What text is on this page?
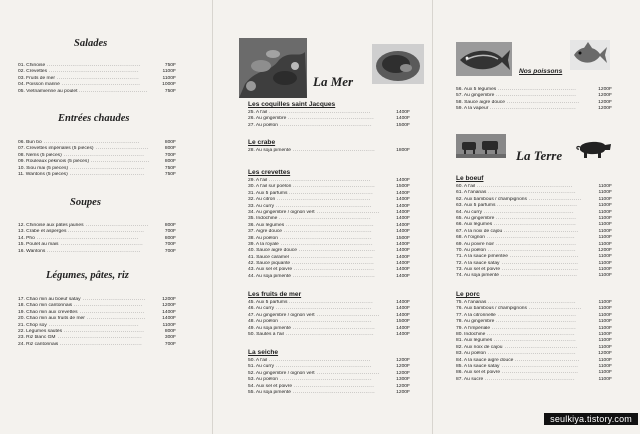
Salades
01. Chinoise ................................................	750F
02. Crevettes ..............................................	1100F
03. Fruits de mer ..........................................	1100F
04. Poisson mariné ........................................	1000F
05. Vietnamienne au poulet ...................................	750F
Entrées chaudes
06. Bun bo .................................................	800F
07. Crevettes impériales (5 pièces) ...........................	800F
08. Nems (5 pièces) .........................................	700F
09. Rouleaux pékinois (5 pièces) ..............................	800F
10. Siou mai (5 pièces) ......................................	750F
11. Wantons (5 pièces) ......................................	750F
Soupes
12. Chinoise aux pâtes jaunes ................................	800F
13. Crabe et asperges .......................................	700F
14. Pho ....................................................	800F
15. Poulet au mais ..........................................	700F
16. Wantons ................................................	700F
Légumes, pâtes, riz
17. Chao min au boeuf satay ................................	1200F
18. Chao min cantonnais ...................................	1200F
19. Chao min aux crevettes .................................	1400F
20. Chao min aux fruits de mer ..............................	1400F
21. Chop soy ..............................................	1100F
22. Légumes sautés .........................................	800F
23. Riz blanc GM ...........................................	300F
24. Riz cantonnais ..........................................	700F
La Mer
Les coquilles saint Jacques
25. A l'ail ....................................................	1400F
26. Au gingembre ............................................	1400F
27. Au poêlon ...............................................	1500F
Le crabe
28. Au soja pimenté ..........................................	1800F
Les crevettes
29. A l'ail ....................................................	1400F
30. A l'ail sur poêlon ..........................................	1500F
31. Aux 5 parfums ...........................................	1400F
32. Au citron ................................................	1400F
33. Au curry .................................................	1400F
34. Au gingembre / oignon vert ................................	1400F
35. Indochine ...............................................	1400F
36. Aux légumes .............................................	1400F
37. Aigre douce .............................................	1400F
38. Au poêlon ...............................................	1500F
39. A la royale ...............................................	1400F
40. Sauce aigre douce .......................................	1400F
41. Sauce caramel ..........................................	1400F
42. Sauce piquante ..........................................	1400F
43. Aux sel et poivre .........................................	1400F
44. Au soja pimenté ..........................................	1400F
Les fruits de mer
45. Aux 5 parfums ...........................................	1400F
46. Au curry .................................................	1400F
47. Au gingembre / oignon vert ................................	1400F
48. Au poêlon ...............................................	1500F
49. Au soja pimenté ..........................................	1400F
50. Sautés à l'ail .............................................	1400F
La seiche
50. A l'ail ....................................................	1200F
51. Au curry .................................................	1200F
52. Au gingembre / oignon vert ................................	1200F
53. Au poêlon ...............................................	1300F
54. Aux sel et poivre .........................................	1200F
55. Au soja pimenté ..........................................	1200F
Nos poissons
56. Aux 5 légumes ........................................	1200F
57. Au gingembre .........................................	1200F
58. Sauce aigre douce .....................................	1200F
59. A la vapeur ............................................	1200F
La Terre
Le boeuf
60. A l'ail .................................................	1100F
61. A l'ananas .............................................	1100F
62. Aux bambous / champignons ...........................	1100F
63. Aux 5 parfums .........................................	1100F
64. Au curry ..............................................	1100F
65. Au gingembre .........................................	1100F
66. Aux légumes ..........................................	1100F
67. A la noix de cajou ......................................	1100F
68. A l'oignon .............................................	1100F
69. Au poivre noir .........................................	1100F
70. Au poêlon .............................................	1200F
71. A la sauce pimentée ...................................	1100F
72. A la sauce satay .......................................	1100F
73. Aux sel et poivre .......................................	1100F
74. Au soja pimenté .......................................	1100F
Le porc
75. A l'ananas .............................................	1100F
76. Aux bambous / champignons ...........................	1100F
77. A la citronnelle ........................................	1100F
78. Au gingembre .........................................	1100F
79. A l'impériale ...........................................	1100F
80. Indochine .............................................	1100F
81. Aux légumes ..........................................	1100F
82. Aux noix de cajou .....................................	1100F
83. Au poêlon .............................................	1200F
84. A la sauce aigre douce .................................	1100F
85. A la sauce satay .......................................	1100F
86. Aux sel et poivre .......................................	1100F
87. Au sucre ..............................................	1100F
seulkiya.tistory.com
